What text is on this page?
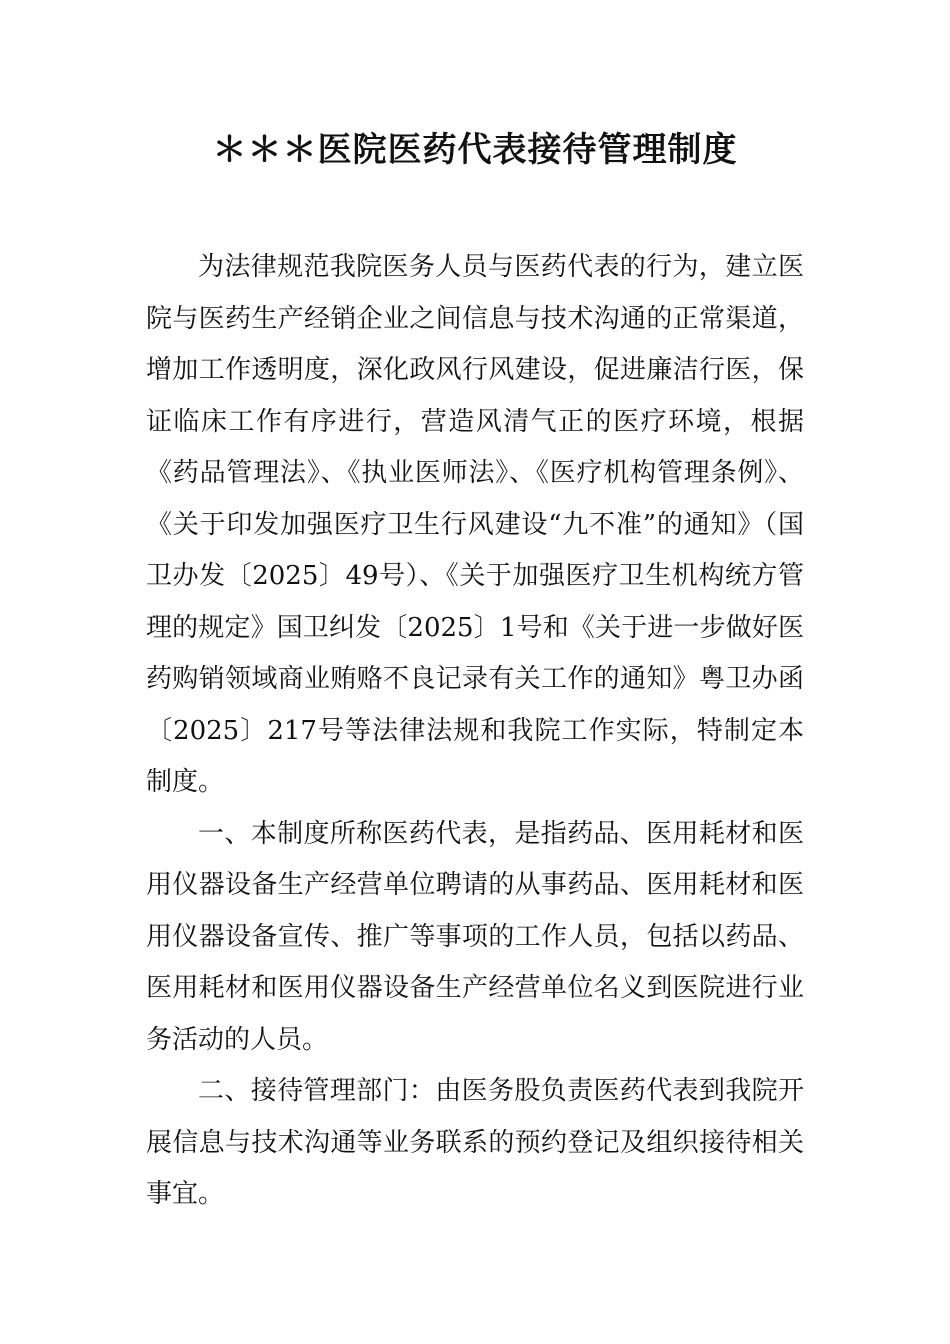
＊＊＊医院医药代表接待管理制度

为法律规范我院医务人员与医药代表的行为，建立医院与医药生产经销企业之间信息与技术沟通的正常渠道，增加工作透明度，深化政风行风建设，促进廉洁行医，保证临床工作有序进行，营造风清气正的医疗环境，根据《药品管理法》、《执业医师法》、《医疗机构管理条例》、《关于印发加强医疗卫生行风建设“九不准”的通知》（国卫办发〔2025〕49号）、《关于加强医疗卫生机构统方管理的规定》国卫纠发〔2025〕1号和《关于进一步做好医药购销领域商业贿赂不良记录有关工作的通知》粤卫办函〔2025〕217号等法律法规和我院工作实际，特制定本制度。

一、本制度所称医药代表，是指药品、医用耗材和医用仪器设备生产经营单位聘请的从事药品、医用耗材和医用仪器设备宣传、推广等事项的工作人员，包括以药品、医用耗材和医用仪器设备生产经营单位名义到医院进行业务活动的人员。

二、接待管理部门：由医务股负责医药代表到我院开展信息与技术沟通等业务联系的预约登记及组织接待相关事宜。
